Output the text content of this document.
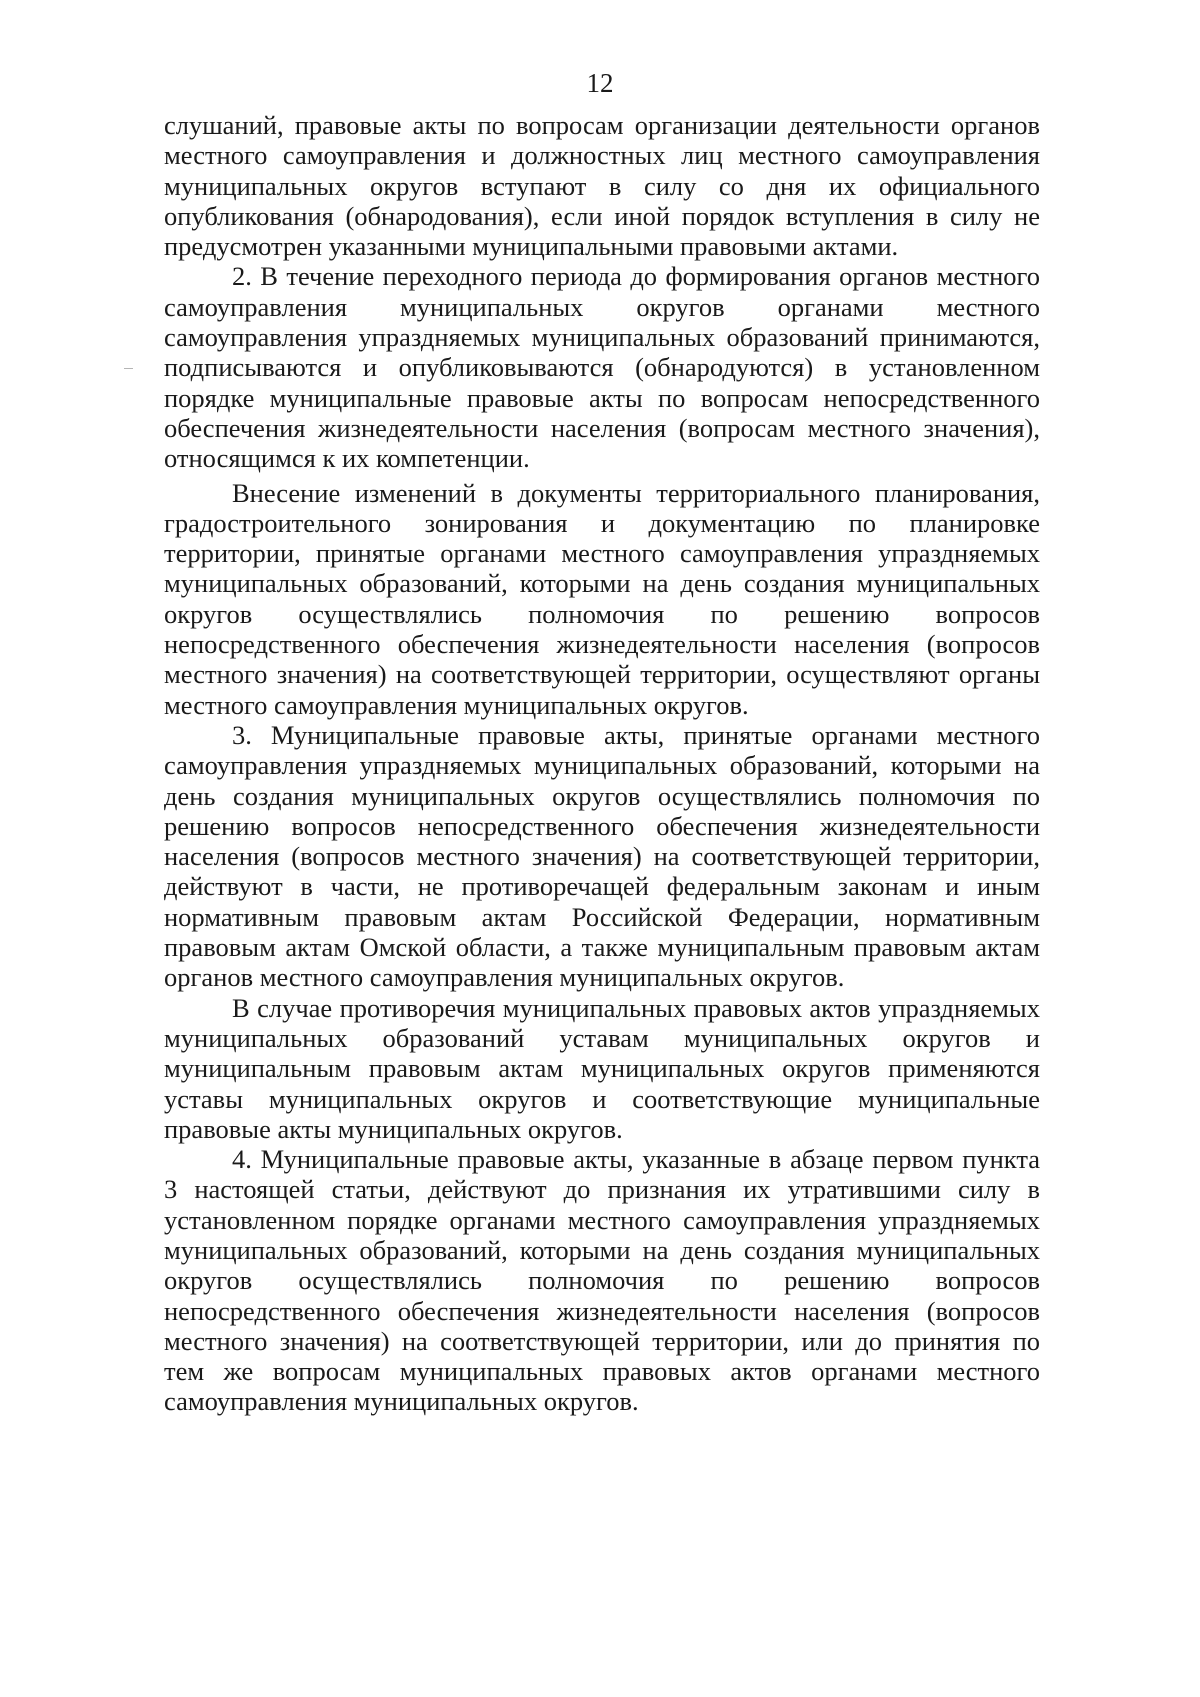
12

слушаний, правовые акты по вопросам организации деятельности органов местного самоуправления и должностных лиц местного самоуправления муниципальных округов вступают в силу со дня их официального опубликования (обнародования), если иной порядок вступления в силу не предусмотрен указанными муниципальными правовыми актами.

2. В течение переходного периода до формирования органов местного самоуправления муниципальных округов органами местного самоуправления упраздняемых муниципальных образований принимаются, подписываются и опубликовываются (обнародуются) в установленном порядке муниципальные правовые акты по вопросам непосредственного обеспечения жизнедеятельности населения (вопросам местного значения), относящимся к их компетенции.

Внесение изменений в документы территориального планирования, градостроительного зонирования и документацию по планировке территории, принятые органами местного самоуправления упраздняемых муниципальных образований, которыми на день создания муниципальных округов осуществлялись полномочия по решению вопросов непосредственного обеспечения жизнедеятельности населения (вопросов местного значения) на соответствующей территории, осуществляют органы местного самоуправления муниципальных округов.

3. Муниципальные правовые акты, принятые органами местного самоуправления упраздняемых муниципальных образований, которыми на день создания муниципальных округов осуществлялись полномочия по решению вопросов непосредственного обеспечения жизнедеятельности населения (вопросов местного значения) на соответствующей территории, действуют в части, не противоречащей федеральным законам и иным нормативным правовым актам Российской Федерации, нормативным правовым актам Омской области, а также муниципальным правовым актам органов местного самоуправления муниципальных округов.

В случае противоречия муниципальных правовых актов упраздняемых муниципальных образований уставам муниципальных округов и муниципальным правовым актам муниципальных округов применяются уставы муниципальных округов и соответствующие муниципальные правовые акты муниципальных округов.

4. Муниципальные правовые акты, указанные в абзаце первом пункта 3 настоящей статьи, действуют до признания их утратившими силу в установленном порядке органами местного самоуправления упраздняемых муниципальных образований, которыми на день создания муниципальных округов осуществлялись полномочия по решению вопросов непосредственного обеспечения жизнедеятельности населения (вопросов местного значения) на соответствующей территории, или до принятия по тем же вопросам муниципальных правовых актов органами местного самоуправления муниципальных округов.
